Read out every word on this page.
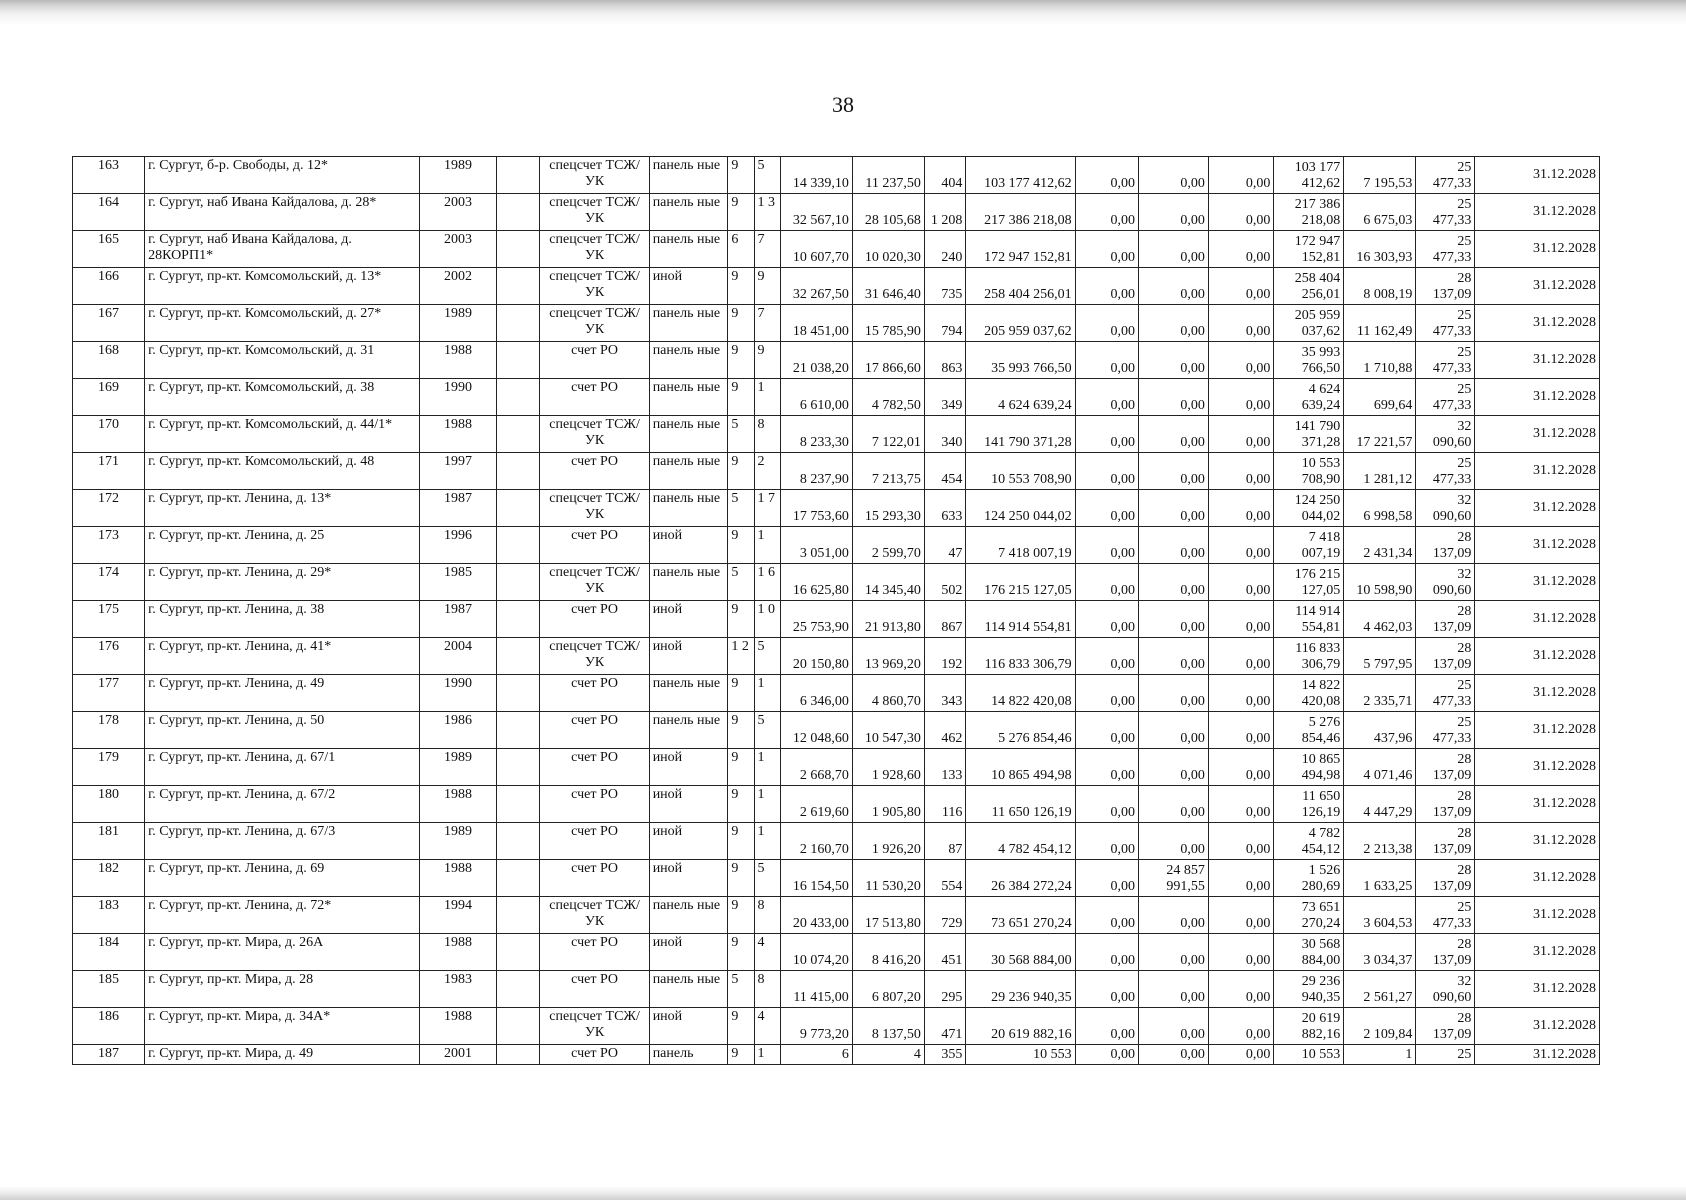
38
163	г. Сургут, б-р. Свободы, д. 12*	1989		спецсчет ТСЖ/УК	панель ные	9	5	14 339,10	11 237,50	404	103 177 412,62	0,00	0,00	0,00	103 177 412,62	7 195,53	25 477,33	31.12.2028
164	г. Сургут, наб Ивана Кайдалова, д. 28*	2003		спецсчет ТСЖ/УК	панель ные	9	1 3	32 567,10	28 105,68	1 208	217 386 218,08	0,00	0,00	0,00	217 386 218,08	6 675,03	25 477,33	31.12.2028
165	г. Сургут, наб Ивана Кайдалова, д. 28КОРП1*	2003		спецсчет ТСЖ/УК	панель ные	6	7	10 607,70	10 020,30	240	172 947 152,81	0,00	0,00	0,00	172 947 152,81	16 303,93	25 477,33	31.12.2028
166	г. Сургут, пр-кт. Комсомольский, д. 13*	2002		спецсчет ТСЖ/УК	иной	9	9	32 267,50	31 646,40	735	258 404 256,01	0,00	0,00	0,00	258 404 256,01	8 008,19	28 137,09	31.12.2028
167	г. Сургут, пр-кт. Комсомольский, д. 27*	1989		спецсчет ТСЖ/УК	панель ные	9	7	18 451,00	15 785,90	794	205 959 037,62	0,00	0,00	0,00	205 959 037,62	11 162,49	25 477,33	31.12.2028
168	г. Сургут, пр-кт. Комсомольский, д. 31	1988		счет РО	панель ные	9	9	21 038,20	17 866,60	863	35 993 766,50	0,00	0,00	0,00	35 993 766,50	1 710,88	25 477,33	31.12.2028
169	г. Сургут, пр-кт. Комсомольский, д. 38	1990		счет РО	панель ные	9	1	6 610,00	4 782,50	349	4 624 639,24	0,00	0,00	0,00	4 624 639,24	699,64	25 477,33	31.12.2028
170	г. Сургут, пр-кт. Комсомольский, д. 44/1*	1988		спецсчет ТСЖ/УК	панель ные	5	8	8 233,30	7 122,01	340	141 790 371,28	0,00	0,00	0,00	141 790 371,28	17 221,57	32 090,60	31.12.2028
171	г. Сургут, пр-кт. Комсомольский, д. 48	1997		счет РО	панель ные	9	2	8 237,90	7 213,75	454	10 553 708,90	0,00	0,00	0,00	10 553 708,90	1 281,12	25 477,33	31.12.2028
172	г. Сургут, пр-кт. Ленина, д. 13*	1987		спецсчет ТСЖ/УК	панель ные	5	1 7	17 753,60	15 293,30	633	124 250 044,02	0,00	0,00	0,00	124 250 044,02	6 998,58	32 090,60	31.12.2028
173	г. Сургут, пр-кт. Ленина, д. 25	1996		счет РО	иной	9	1	3 051,00	2 599,70	47	7 418 007,19	0,00	0,00	0,00	7 418 007,19	2 431,34	28 137,09	31.12.2028
174	г. Сургут, пр-кт. Ленина, д. 29*	1985		спецсчет ТСЖ/УК	панель ные	5	1 6	16 625,80	14 345,40	502	176 215 127,05	0,00	0,00	0,00	176 215 127,05	10 598,90	32 090,60	31.12.2028
175	г. Сургут, пр-кт. Ленина, д. 38	1987		счет РО	иной	9	1 0	25 753,90	21 913,80	867	114 914 554,81	0,00	0,00	0,00	114 914 554,81	4 462,03	28 137,09	31.12.2028
176	г. Сургут, пр-кт. Ленина, д. 41*	2004		спецсчет ТСЖ/УК	иной	1 2	5	20 150,80	13 969,20	192	116 833 306,79	0,00	0,00	0,00	116 833 306,79	5 797,95	28 137,09	31.12.2028
177	г. Сургут, пр-кт. Ленина, д. 49	1990		счет РО	панель ные	9	1	6 346,00	4 860,70	343	14 822 420,08	0,00	0,00	0,00	14 822 420,08	2 335,71	25 477,33	31.12.2028
178	г. Сургут, пр-кт. Ленина, д. 50	1986		счет РО	панель ные	9	5	12 048,60	10 547,30	462	5 276 854,46	0,00	0,00	0,00	5 276 854,46	437,96	25 477,33	31.12.2028
179	г. Сургут, пр-кт. Ленина, д. 67/1	1989		счет РО	иной	9	1	2 668,70	1 928,60	133	10 865 494,98	0,00	0,00	0,00	10 865 494,98	4 071,46	28 137,09	31.12.2028
180	г. Сургут, пр-кт. Ленина, д. 67/2	1988		счет РО	иной	9	1	2 619,60	1 905,80	116	11 650 126,19	0,00	0,00	0,00	11 650 126,19	4 447,29	28 137,09	31.12.2028
181	г. Сургут, пр-кт. Ленина, д. 67/3	1989		счет РО	иной	9	1	2 160,70	1 926,20	87	4 782 454,12	0,00	0,00	0,00	4 782 454,12	2 213,38	28 137,09	31.12.2028
182	г. Сургут, пр-кт. Ленина, д. 69	1988		счет РО	иной	9	5	16 154,50	11 530,20	554	26 384 272,24	0,00	24 857 991,55	0,00	1 526 280,69	1 633,25	28 137,09	31.12.2028
183	г. Сургут, пр-кт. Ленина, д. 72*	1994		спецсчет ТСЖ/УК	панель ные	9	8	20 433,00	17 513,80	729	73 651 270,24	0,00	0,00	0,00	73 651 270,24	3 604,53	25 477,33	31.12.2028
184	г. Сургут, пр-кт. Мира, д. 26А	1988		счет РО	иной	9	4	10 074,20	8 416,20	451	30 568 884,00	0,00	0,00	0,00	30 568 884,00	3 034,37	28 137,09	31.12.2028
185	г. Сургут, пр-кт. Мира, д. 28	1983		счет РО	панель ные	5	8	11 415,00	6 807,20	295	29 236 940,35	0,00	0,00	0,00	29 236 940,35	2 561,27	32 090,60	31.12.2028
186	г. Сургут, пр-кт. Мира, д. 34А*	1988		спецсчет ТСЖ/УК	иной	9	4	9 773,20	8 137,50	471	20 619 882,16	0,00	0,00	0,00	20 619 882,16	2 109,84	28 137,09	31.12.2028
187	г. Сургут, пр-кт. Мира, д. 49	2001		счет РО	панель	9	1	6	4	355	10 553	0,00	0,00	0,00	10 553	1	25	31.12.2028
